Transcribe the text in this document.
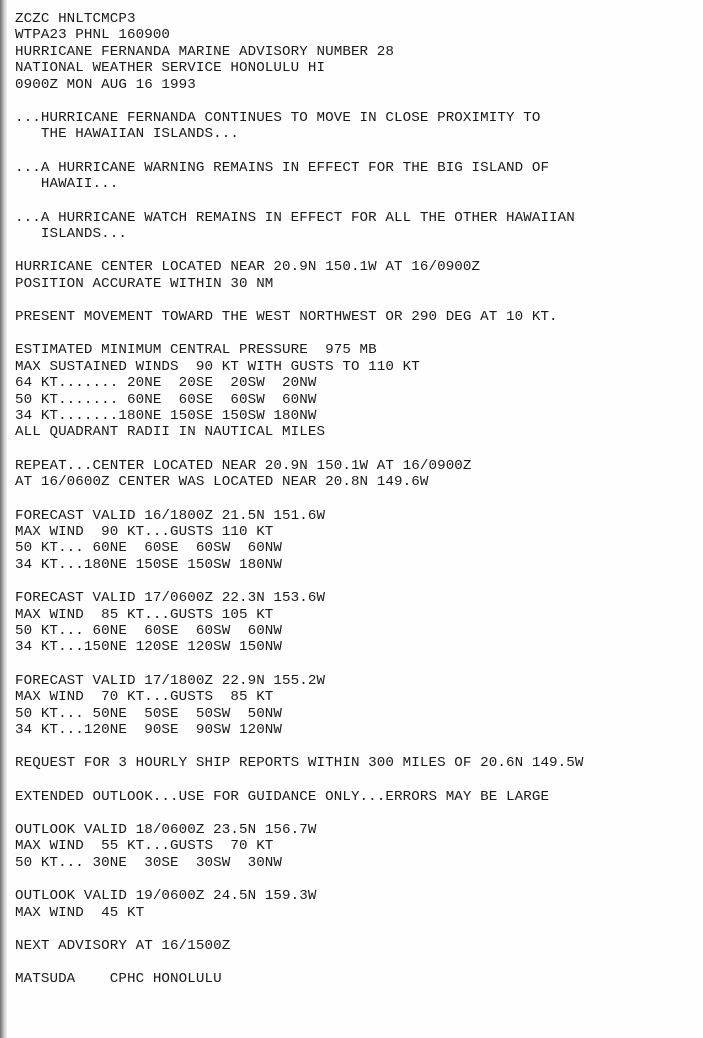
ZCZC HNLTCMCP3
WTPA23 PHNL 160900
HURRICANE FERNANDA MARINE ADVISORY NUMBER 28
NATIONAL WEATHER SERVICE HONOLULU HI
0900Z MON AUG 16 1993
...HURRICANE FERNANDA CONTINUES TO MOVE IN CLOSE PROXIMITY TO
THE HAWAIIAN ISLANDS...
...A HURRICANE WARNING REMAINS IN EFFECT FOR THE BIG ISLAND OF
HAWAII...
...A HURRICANE WATCH REMAINS IN EFFECT FOR ALL THE OTHER HAWAIIAN
ISLANDS...
HURRICANE CENTER LOCATED NEAR 20.9N 150.1W AT 16/0900Z
POSITION ACCURATE WITHIN 30 NM
PRESENT MOVEMENT TOWARD THE WEST NORTHWEST OR 290 DEG AT 10 KT.
ESTIMATED MINIMUM CENTRAL PRESSURE  975 MB
MAX SUSTAINED WINDS  90 KT WITH GUSTS TO 110 KT
64 KT....... 20NE  20SE  20SW  20NW
50 KT....... 60NE  60SE  60SW  60NW
34 KT.......180NE 150SE 150SW 180NW
ALL QUADRANT RADII IN NAUTICAL MILES
REPEAT...CENTER LOCATED NEAR 20.9N 150.1W AT 16/0900Z
AT 16/0600Z CENTER WAS LOCATED NEAR 20.8N 149.6W
FORECAST VALID 16/1800Z 21.5N 151.6W
MAX WIND  90 KT...GUSTS 110 KT
50 KT... 60NE  60SE  60SW  60NW
34 KT...180NE 150SE 150SW 180NW
FORECAST VALID 17/0600Z 22.3N 153.6W
MAX WIND  85 KT...GUSTS 105 KT
50 KT... 60NE  60SE  60SW  60NW
34 KT...150NE 120SE 120SW 150NW
FORECAST VALID 17/1800Z 22.9N 155.2W
MAX WIND  70 KT...GUSTS  85 KT
50 KT... 50NE  50SE  50SW  50NW
34 KT...120NE  90SE  90SW 120NW
REQUEST FOR 3 HOURLY SHIP REPORTS WITHIN 300 MILES OF 20.6N 149.5W
EXTENDED OUTLOOK...USE FOR GUIDANCE ONLY...ERRORS MAY BE LARGE
OUTLOOK VALID 18/0600Z 23.5N 156.7W
MAX WIND  55 KT...GUSTS  70 KT
50 KT... 30NE  30SE  30SW  30NW
OUTLOOK VALID 19/0600Z 24.5N 159.3W
MAX WIND  45 KT
NEXT ADVISORY AT 16/1500Z
MATSUDA    CPHC HONOLULU
